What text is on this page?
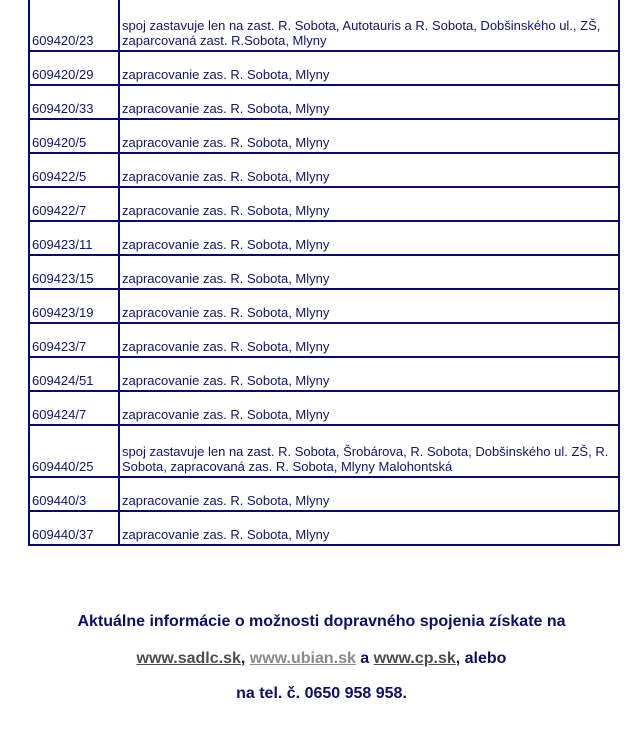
609420/23	spoj zastavuje len na zast. R. Sobota, Autotauris a R. Sobota, Dobšinského ul., ZŠ, zaparcovaná zast. R.Sobota, Mlyny
609420/29	zapracovanie zas. R. Sobota, Mlyny
609420/33	zapracovanie zas. R. Sobota, Mlyny
609420/5	zapracovanie zas. R. Sobota, Mlyny
609422/5	zapracovanie zas. R. Sobota, Mlyny
609422/7	zapracovanie zas. R. Sobota, Mlyny
609423/11	zapracovanie zas. R. Sobota, Mlyny
609423/15	zapracovanie zas. R. Sobota, Mlyny
609423/19	zapracovanie zas. R. Sobota, Mlyny
609423/7	zapracovanie zas. R. Sobota, Mlyny
609424/51	zapracovanie zas. R. Sobota, Mlyny
609424/7	zapracovanie zas. R. Sobota, Mlyny
609440/25	spoj zastavuje len na zast. R. Sobota, Šrobárova, R. Sobota, Dobšinského ul. ZŠ, R. Sobota, zapracovaná zas. R. Sobota, Mlyny Malohontská
609440/3	zapracovanie zas. R. Sobota, Mlyny
609440/37	zapracovanie zas. R. Sobota, Mlyny
Aktuálne informácie o možnosti dopravného spojenia získate na
www.sadlc.sk, www.ubian.sk a www.cp.sk, alebo
na tel. č. 0650 958 958.
